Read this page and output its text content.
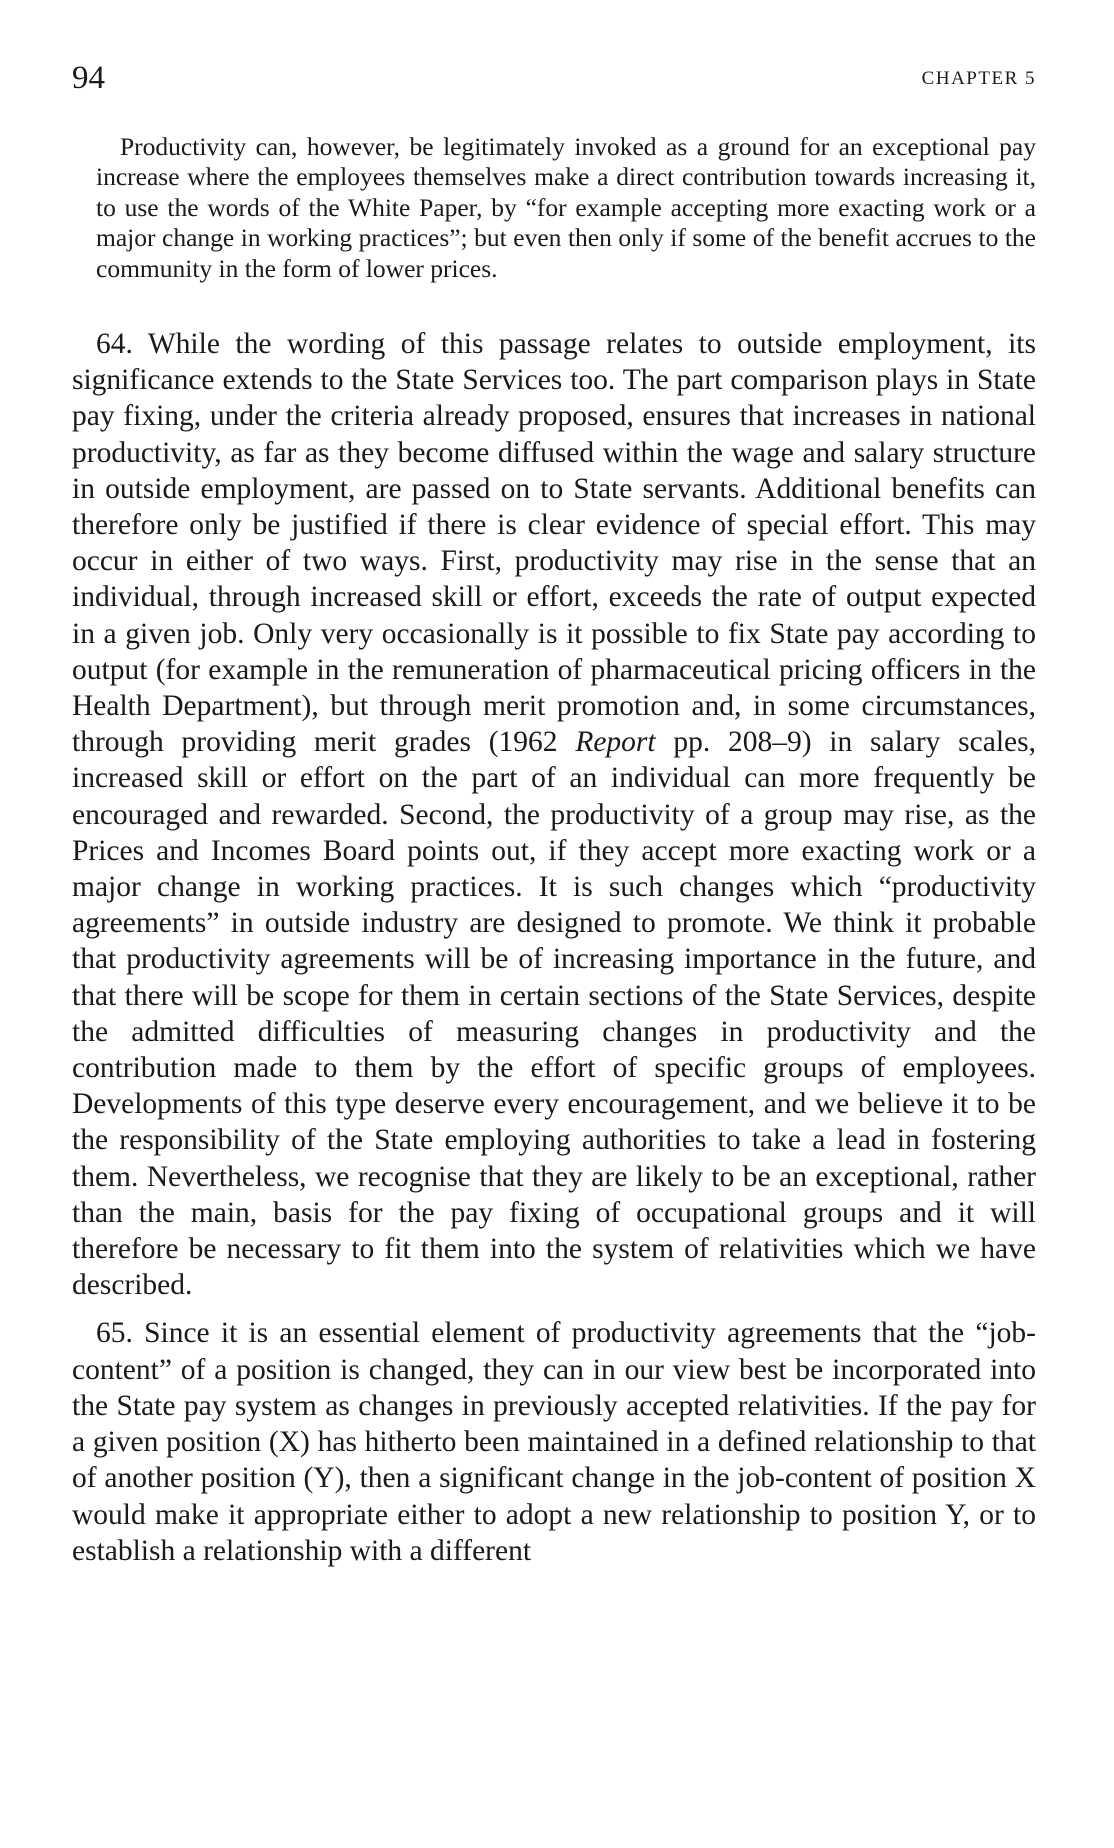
94	CHAPTER 5

Productivity can, however, be legitimately invoked as a ground for an exceptional pay increase where the employees themselves make a direct contribution towards increasing it, to use the words of the White Paper, by “for example accepting more exacting work or a major change in working practices”; but even then only if some of the benefit accrues to the community in the form of lower prices.

64. While the wording of this passage relates to outside employment, its significance extends to the State Services too. The part comparison plays in State pay fixing, under the criteria already proposed, ensures that increases in national productivity, as far as they become diffused within the wage and salary structure in outside employment, are passed on to State servants. Additional benefits can therefore only be justified if there is clear evidence of special effort. This may occur in either of two ways. First, productivity may rise in the sense that an individual, through increased skill or effort, exceeds the rate of output expected in a given job. Only very occasionally is it possible to fix State pay according to output (for example in the remuneration of pharmaceutical pricing officers in the Health Department), but through merit promotion and, in some circumstances, through providing merit grades (1962 Report pp. 208–9) in salary scales, increased skill or effort on the part of an individual can more frequently be encouraged and rewarded. Second, the productivity of a group may rise, as the Prices and Incomes Board points out, if they accept more exacting work or a major change in working practices. It is such changes which “productivity agreements” in outside industry are designed to promote. We think it probable that productivity agreements will be of increasing importance in the future, and that there will be scope for them in certain sections of the State Services, despite the admitted difficulties of measuring changes in productivity and the contribution made to them by the effort of specific groups of employees. Developments of this type deserve every encouragement, and we believe it to be the responsibility of the State employing authorities to take a lead in fostering them. Nevertheless, we recognise that they are likely to be an exceptional, rather than the main, basis for the pay fixing of occupational groups and it will therefore be necessary to fit them into the system of relativities which we have described.

65. Since it is an essential element of productivity agreements that the “job-content” of a position is changed, they can in our view best be incorporated into the State pay system as changes in previously accepted relativities. If the pay for a given position (X) has hitherto been maintained in a defined relationship to that of another position (Y), then a significant change in the job-content of position X would make it appropriate either to adopt a new relationship to position Y, or to establish a relationship with a different
